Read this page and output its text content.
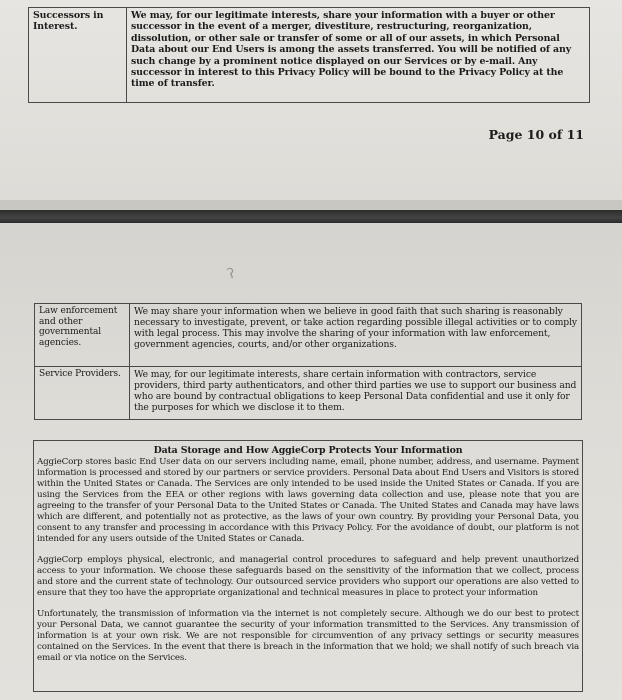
Successors in Interest.	We may, for our legitimate interests, share your information with a buyer or other successor in the event of a merger, divestiture, restructuring, reorganization, dissolution, or other sale or transfer of some or all of our assets, in which Personal Data about our End Users is among the assets transferred. You will be notified of any such change by a prominent notice displayed on our Services or by e-mail. Any successor in interest to this Privacy Policy will be bound to the Privacy Policy at the time of transfer.
Page 10 of 11
ʔ
Law enforcement and other governmental agencies.	We may share your information when we believe in good faith that such sharing is reasonably necessary to investigate, prevent, or take action regarding possible illegal activities or to comply with legal process. This may involve the sharing of your information with law enforcement, government agencies, courts, and/or other organizations.
Service Providers.	We may, for our legitimate interests, share certain information with contractors, service providers, third party authenticators, and other third parties we use to support our business and who are bound by contractual obligations to keep Personal Data confidential and use it only for the purposes for which we disclose it to them.
Data Storage and How AggieCorp Protects Your Information

AggieCorp stores basic End User data on our servers including name, email, phone number, address, and username. Payment information is processed and stored by our partners or service providers. Personal Data about End Users and Visitors is stored within the United States or Canada. The Services are only intended to be used inside the United States or Canada. If you are using the Services from the EEA or other regions with laws governing data collection and use, please note that you are agreeing to the transfer of your Personal Data to the United States or Canada. The United States and Canada may have laws which are different, and potentially not as protective, as the laws of your own country. By providing your Personal Data, you consent to any transfer and processing in accordance with this Privacy Policy. For the avoidance of doubt, our platform is not intended for any users outside of the United States or Canada.

AggieCorp employs physical, electronic, and managerial control procedures to safeguard and help prevent unauthorized access to your information. We choose these safeguards based on the sensitivity of the information that we collect, process and store and the current state of technology. Our outsourced service providers who support our operations are also vetted to ensure that they too have the appropriate organizational and technical measures in place to protect your information

Unfortunately, the transmission of information via the internet is not completely secure. Although we do our best to protect your Personal Data, we cannot guarantee the security of your information transmitted to the Services. Any transmission of information is at your own risk. We are not responsible for circumvention of any privacy settings or security measures contained on the Services. In the event that there is breach in the information that we hold; we shall notify of such breach via email or via notice on the Services.
